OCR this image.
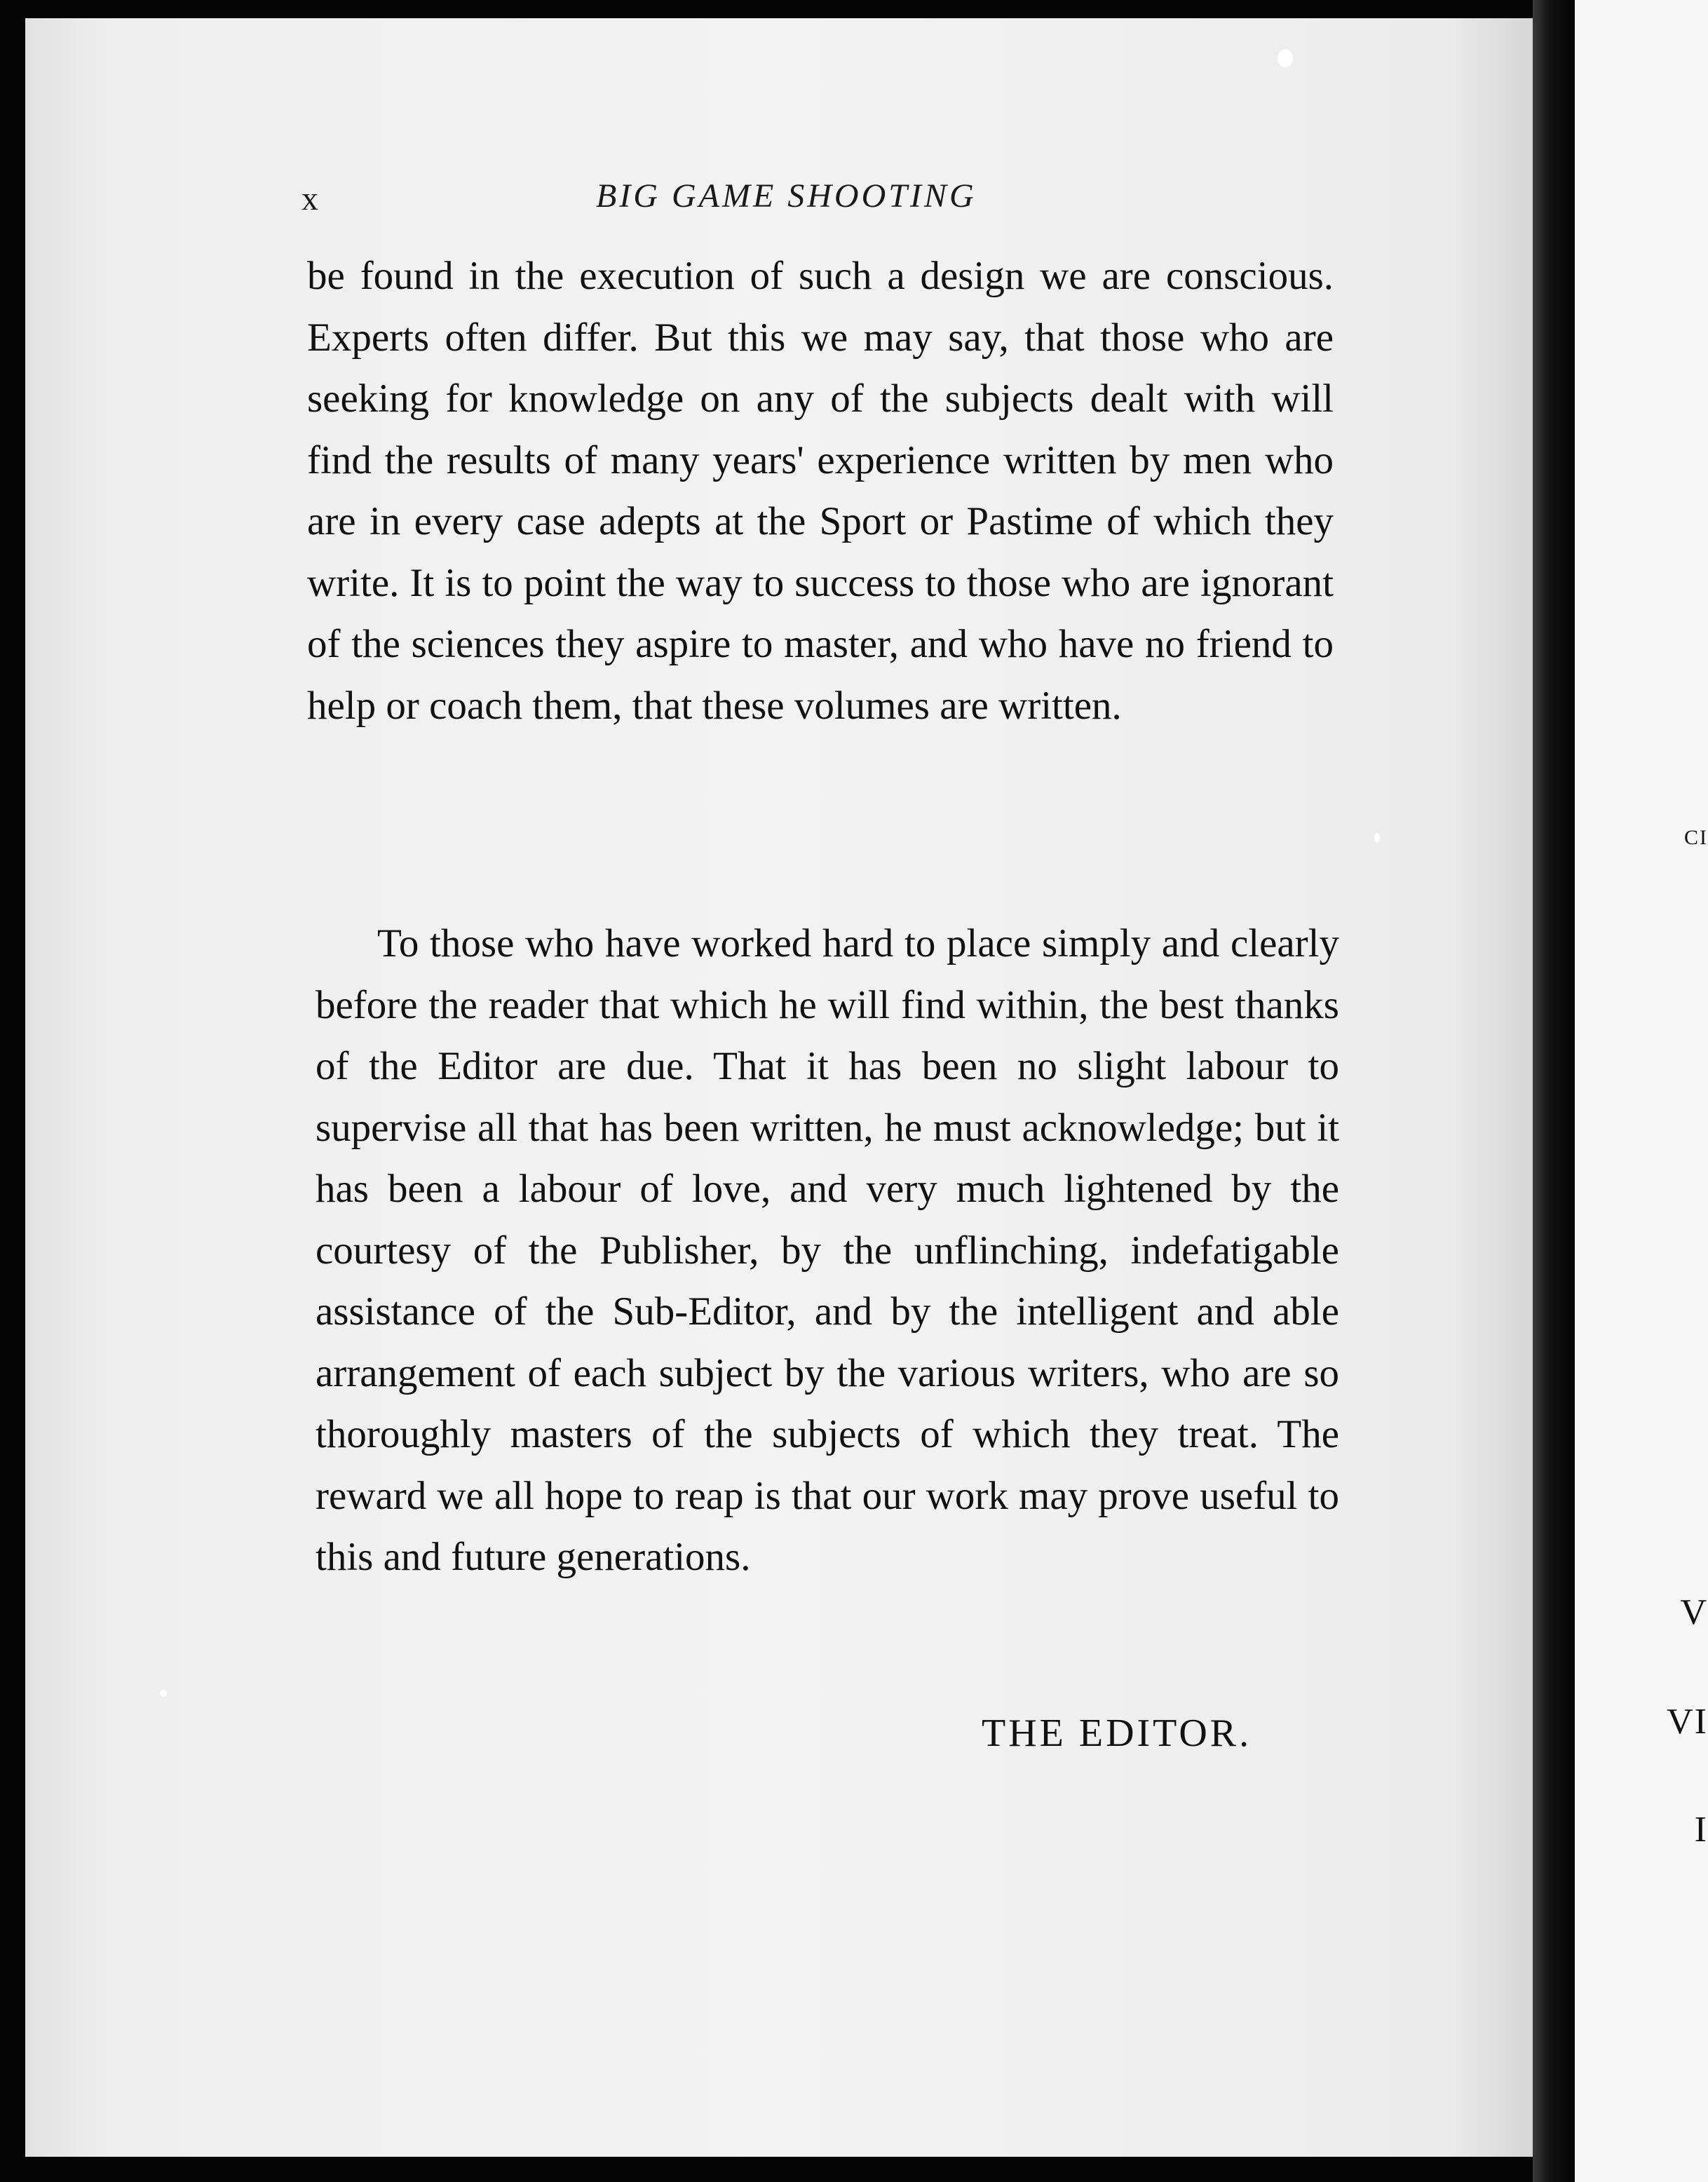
CI
V
VI
I
x	BIG GAME SHOOTING

be found in the execution of such a design we are conscious. Experts often differ. But this we may say, that those who are seeking for knowledge on any of the subjects dealt with will find the results of many years' experience written by men who are in every case adepts at the Sport or Pastime of which they write. It is to point the way to success to those who are ignorant of the sciences they aspire to master, and who have no friend to help or coach them, that these volumes are written.

To those who have worked hard to place simply and clearly before the reader that which he will find within, the best thanks of the Editor are due. That it has been no slight labour to supervise all that has been written, he must acknowledge; but it has been a labour of love, and very much lightened by the courtesy of the Publisher, by the unflinching, indefatigable assistance of the Sub-Editor, and by the intelligent and able arrangement of each subject by the various writers, who are so thoroughly masters of the subjects of which they treat. The reward we all hope to reap is that our work may prove useful to this and future generations.

THE EDITOR.
